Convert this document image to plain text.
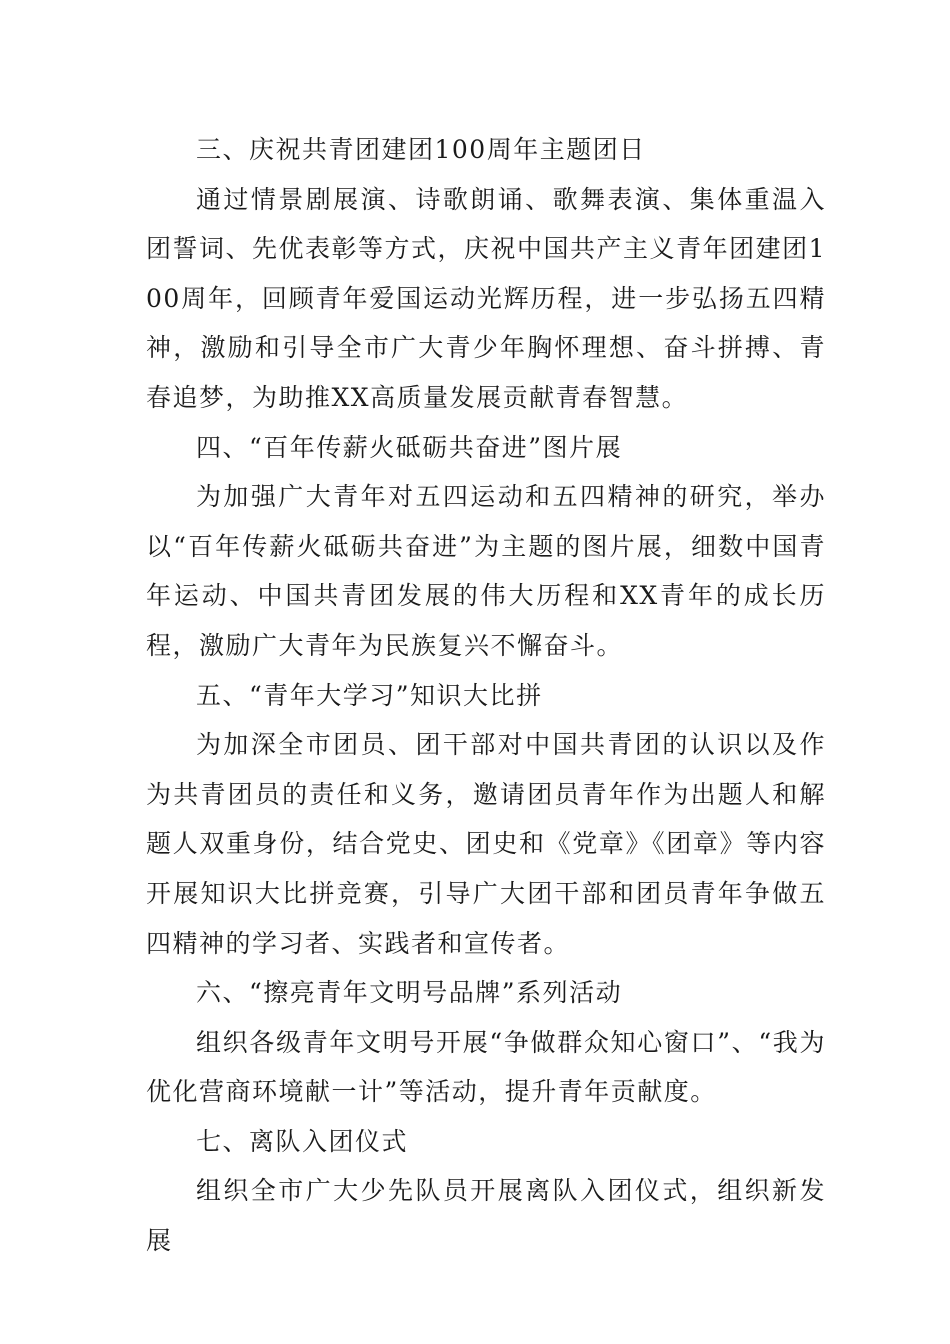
三、庆祝共青团建团100周年主题团日

通过情景剧展演、诗歌朗诵、歌舞表演、集体重温入团誓词、先优表彰等方式，庆祝中国共产主义青年团建团100周年，回顾青年爱国运动光辉历程，进一步弘扬五四精神，激励和引导全市广大青少年胸怀理想、奋斗拼搏、青春追梦，为助推XX高质量发展贡献青春智慧。

四、“百年传薪火砥砺共奋进”图片展

为加强广大青年对五四运动和五四精神的研究，举办以“百年传薪火砥砺共奋进”为主题的图片展，细数中国青年运动、中国共青团发展的伟大历程和XX青年的成长历程，激励广大青年为民族复兴不懈奋斗。

五、“青年大学习”知识大比拼

为加深全市团员、团干部对中国共青团的认识以及作为共青团员的责任和义务，邀请团员青年作为出题人和解题人双重身份，结合党史、团史和《党章》《团章》等内容开展知识大比拼竞赛，引导广大团干部和团员青年争做五四精神的学习者、实践者和宣传者。

六、“擦亮青年文明号品牌”系列活动

组织各级青年文明号开展“争做群众知心窗口”、“我为优化营商环境献一计”等活动，提升青年贡献度。

七、离队入团仪式

组织全市广大少先队员开展离队入团仪式，组织新发展
